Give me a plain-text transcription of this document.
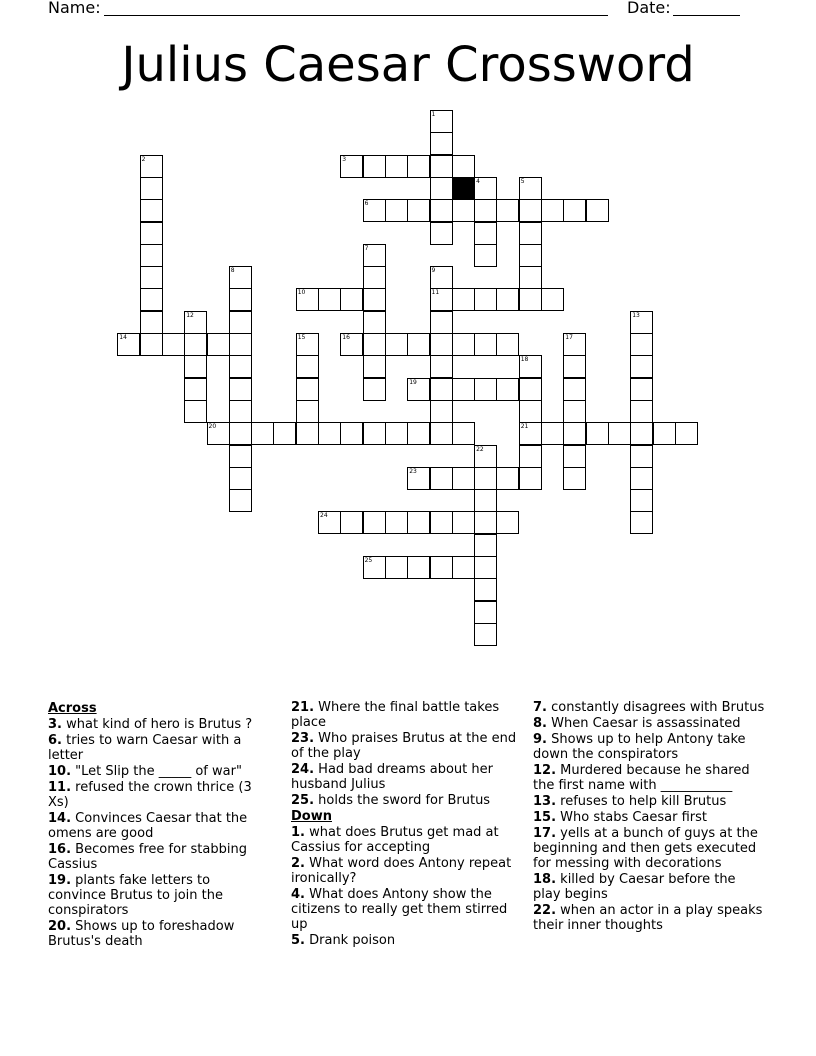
Name:	Date:
Julius Caesar Crossword
1
2	3
4	5
6
7
8	9
10	11
12	13
14	15	16	17
18
19
20	21
22
23
24
25
Across
3. what kind of hero is Brutus ?
6. tries to warn Caesar with a letter
10. "Let Slip the _____ of war"
11. refused the crown thrice (3 Xs)
14. Convinces Caesar that the omens are good
16. Becomes free for stabbing Cassius
19. plants fake letters to convince Brutus to join the conspirators
20. Shows up to foreshadow Brutus's death
21. Where the final battle takes place
23. Who praises Brutus at the end of the play
24. Had bad dreams about her husband Julius
25. holds the sword for Brutus
Down
1. what does Brutus get mad at Cassius for accepting
2. What word does Antony repeat ironically?
4. What does Antony show the citizens to really get them stirred up
5. Drank poison
7. constantly disagrees with Brutus
8. When Caesar is assassinated
9. Shows up to help Antony take down the conspirators
12. Murdered because he shared the first name with ___________
13. refuses to help kill Brutus
15. Who stabs Caesar first
17. yells at a bunch of guys at the beginning and then gets executed for messing with decorations
18. killed by Caesar before the play begins
22. when an actor in a play speaks their inner thoughts
